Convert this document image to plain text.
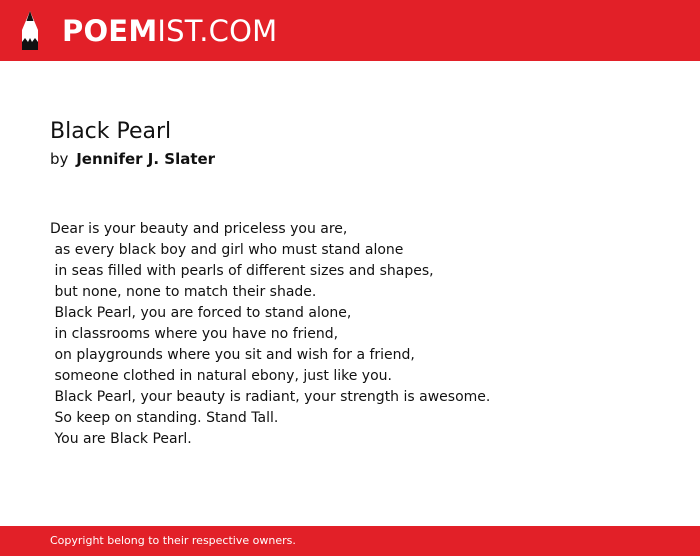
POEMIST.COM
Black Pearl
by Jennifer J. Slater
Dear is your beauty and priceless you are,
as every black boy and girl who must stand alone
in seas filled with pearls of different sizes and shapes,
but none, none to match their shade.
Black Pearl, you are forced to stand alone,
in classrooms where you have no friend,
on playgrounds where you sit and wish for a friend,
someone clothed in natural ebony, just like you.
Black Pearl, your beauty is radiant, your strength is awesome.
So keep on standing. Stand Tall.
You are Black Pearl.
Copyright belong to their respective owners.
